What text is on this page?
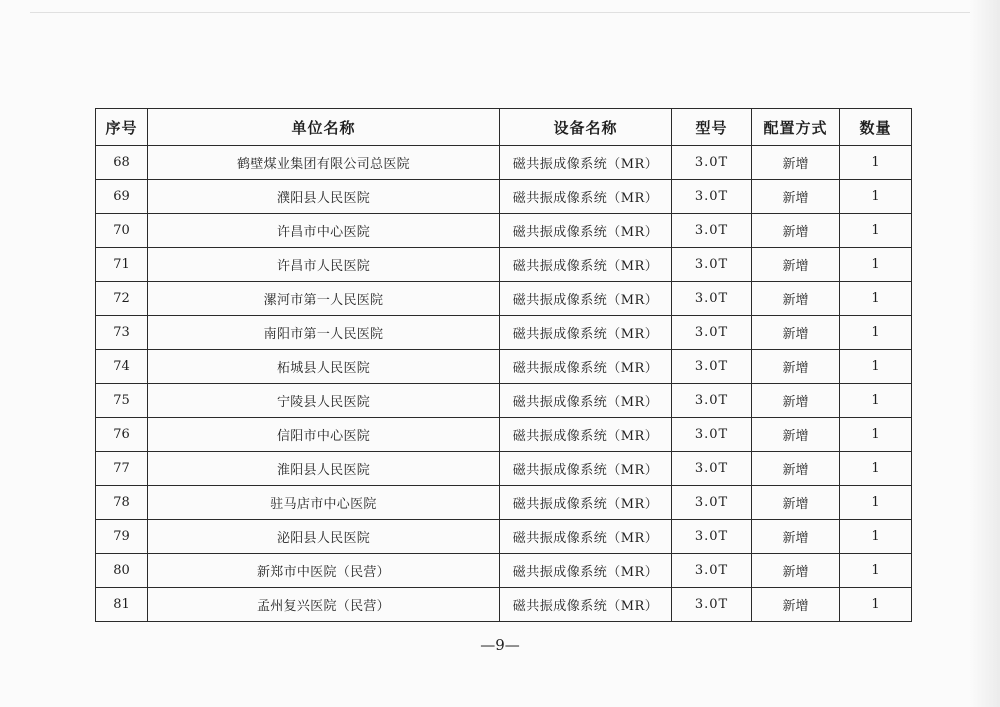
序号	单位名称	设备名称	型号	配置方式	数量
68	鹤壁煤业集团有限公司总医院	磁共振成像系统（MR）	3.0T	新增	1
69	濮阳县人民医院	磁共振成像系统（MR）	3.0T	新增	1
70	许昌市中心医院	磁共振成像系统（MR）	3.0T	新增	1
71	许昌市人民医院	磁共振成像系统（MR）	3.0T	新增	1
72	漯河市第一人民医院	磁共振成像系统（MR）	3.0T	新增	1
73	南阳市第一人民医院	磁共振成像系统（MR）	3.0T	新增	1
74	柘城县人民医院	磁共振成像系统（MR）	3.0T	新增	1
75	宁陵县人民医院	磁共振成像系统（MR）	3.0T	新增	1
76	信阳市中心医院	磁共振成像系统（MR）	3.0T	新增	1
77	淮阳县人民医院	磁共振成像系统（MR）	3.0T	新增	1
78	驻马店市中心医院	磁共振成像系统（MR）	3.0T	新增	1
79	泌阳县人民医院	磁共振成像系统（MR）	3.0T	新增	1
80	新郑市中医院（民营）	磁共振成像系统（MR）	3.0T	新增	1
81	孟州复兴医院（民营）	磁共振成像系统（MR）	3.0T	新增	1
—9—
